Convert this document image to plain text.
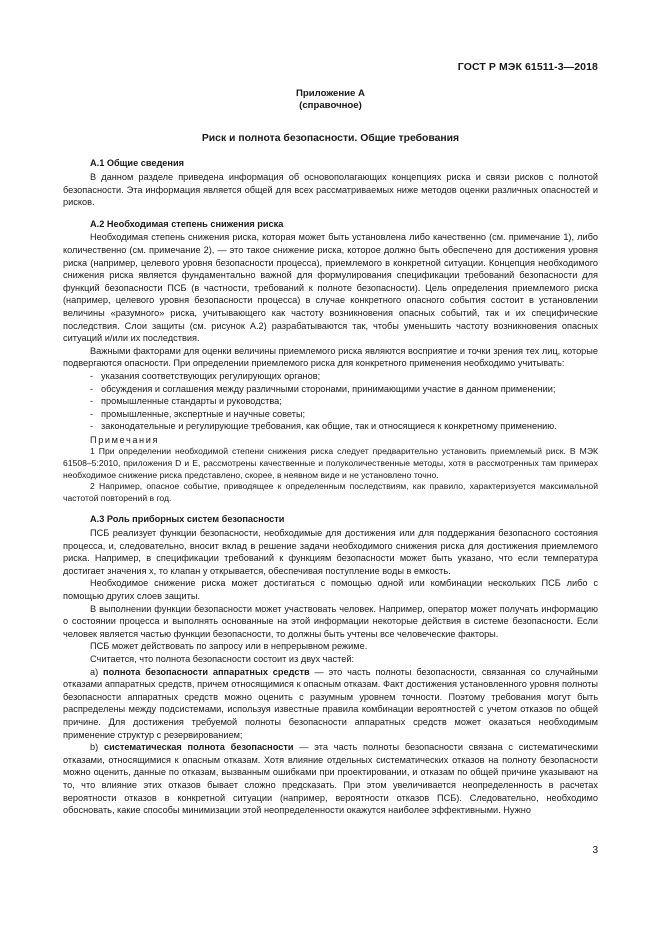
ГОСТ Р МЭК 61511-3—2018
Приложение А
(справочное)
Риск и полнота безопасности. Общие требования
А.1 Общие сведения

В данном разделе приведена информация об основополагающих концепциях риска и связи рисков с полнотой безопасности. Эта информация является общей для всех рассматриваемых ниже методов оценки различных опасностей и рисков.

А.2 Необходимая степень снижения риска

Необходимая степень снижения риска, которая может быть установлена либо качественно (см. примечание 1), либо количественно (см. примечание 2), — это такое снижение риска, которое должно быть обеспечено для достижения уровня риска (например, целевого уровня безопасности процесса), приемлемого в конкретной ситуации. Концепция необходимого снижения риска является фундаментально важной для формулирования спецификации требований безопасности для функций безопасности ПСБ (в частности, требований к полноте безопасности). Цель определения приемлемого риска (например, целевого уровня безопасности процесса) в случае конкретного опасного события состоит в установлении величины «разумного» риска, учитывающего как частоту возникновения опасных событий, так и их специфические последствия. Слои защиты (см. рисунок А.2) разрабатываются так, чтобы уменьшить частоту возникновения опасных ситуаций и/или их последствия.

Важными факторами для оценки величины приемлемого риска являются восприятие и точки зрения тех лиц, которые подвергаются опасности. При определении приемлемого риска для конкретного применения необходимо учитывать:

- указания соответствующих регулирующих органов;
- обсуждения и соглашения между различными сторонами, принимающими участие в данном применении;
- промышленные стандарты и руководства;
- промышленные, экспертные и научные советы;
- законодательные и регулирующие требования, как общие, так и относящиеся к конкретному применению.
Примечания
1 При определении необходимой степени снижения риска следует предварительно установить приемлемый риск. В МЭК 61508–5:2010, приложения D и E, рассмотрены качественные и полуколичественные методы, хотя в рассмотренных там примерах необходимое снижение риска представлено, скорее, в неявном виде и не установлено точно.
2 Например, опасное событие, приводящее к определенным последствиям, как правило, характеризуется максимальной частотой повторений в год.
А.3 Роль приборных систем безопасности

ПСБ реализует функции безопасности, необходимые для достижения или для поддержания безопасного состояния процесса, и, следовательно, вносит вклад в решение задачи необходимого снижения риска для достижения приемлемого риска. Например, в спецификации требований к функциям безопасности может быть указано, что если температура достигает значения x, то клапан y открывается, обеспечивая поступление воды в емкость.

Необходимое снижение риска может достигаться с помощью одной или комбинации нескольких ПСБ либо с помощью других слоев защиты.

В выполнении функции безопасности может участвовать человек. Например, оператор может получать информацию о состоянии процесса и выполнять основанные на этой информации некоторые действия в системе безопасности. Если человек является частью функции безопасности, то должны быть учтены все человеческие факторы.

ПСБ может действовать по запросу или в непрерывном режиме.

Считается, что полнота безопасности состоит из двух частей:

а) полнота безопасности аппаратных средств — это часть полноты безопасности, связанная со случайными отказами аппаратных средств, причем относящимися к опасным отказам. Факт достижения установленного уровня полноты безопасности аппаратных средств можно оценить с разумным уровнем точности. Поэтому требования могут быть распределены между подсистемами, используя известные правила комбинации вероятностей с учетом отказов по общей причине. Для достижения требуемой полноты безопасности аппаратных средств может оказаться необходимым применение структур с резервированием;

b) систематическая полнота безопасности — эта часть полноты безопасности связана с систематическими отказами, относящимися к опасным отказам. Хотя влияние отдельных систематических отказов на полноту безопасности можно оценить, данные по отказам, вызванным ошибками при проектировании, и отказам по общей причине указывают на то, что влияние этих отказов бывает сложно предсказать. При этом увеличивается неопределенность в расчетах вероятности отказов в конкретной ситуации (например, вероятности отказов ПСБ). Следовательно, необходимо обосновать, какие способы минимизации этой неопределенности окажутся наиболее эффективными. Нужно

3
